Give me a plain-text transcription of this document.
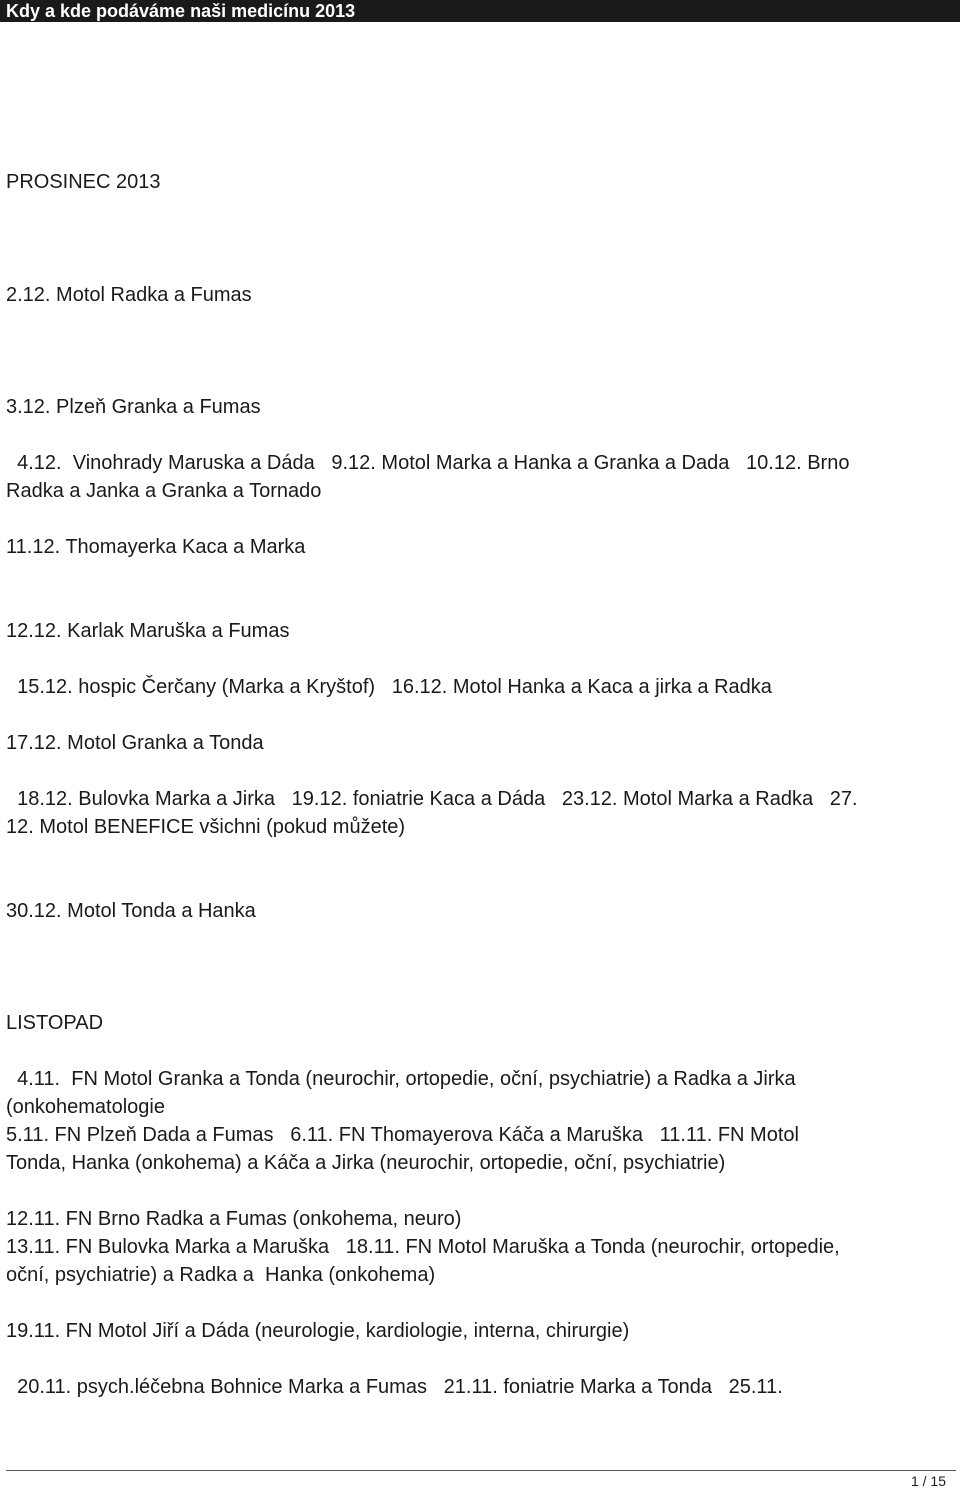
Kdy a kde podáváme naši medicínu 2013

PROSINEC 2013

2.12. Motol Radka a Fumas

3.12. Plzeň Granka a Fumas

4.12.  Vinohrady Maruska a Dáda   9.12. Motol Marka a Hanka a Granka a Dada   10.12. Brno

Radka a Janka a Granka a Tornado

11.12. Thomayerka Kaca a Marka

12.12. Karlak Maruška a Fumas

15.12. hospic Čerčany (Marka a Kryštof)   16.12. Motol Hanka a Kaca a jirka a Radka

17.12. Motol Granka a Tonda

18.12. Bulovka Marka a Jirka   19.12. foniatrie Kaca a Dáda   23.12. Motol Marka a Radka   27.

12. Motol BENEFICE všichni (pokud můžete)

30.12. Motol Tonda a Hanka

LISTOPAD

4.11.  FN Motol Granka a Tonda (neurochir, ortopedie, oční, psychiatrie) a Radka a Jirka

(onkohematologie

5.11. FN Plzeň Dada a Fumas   6.11. FN Thomayerova Káča a Maruška   11.11. FN Motol

Tonda, Hanka (onkohema) a Káča a Jirka (neurochir, ortopedie, oční, psychiatrie)

12.11. FN Brno Radka a Fumas (onkohema, neuro)

13.11. FN Bulovka Marka a Maruška   18.11. FN Motol Maruška a Tonda (neurochir, ortopedie,

oční, psychiatrie) a Radka a  Hanka (onkohema)

19.11. FN Motol Jiří a Dáda (neurologie, kardiologie, interna, chirurgie)

20.11. psych.léčebna Bohnice Marka a Fumas   21.11. foniatrie Marka a Tonda   25.11.

1 / 15
